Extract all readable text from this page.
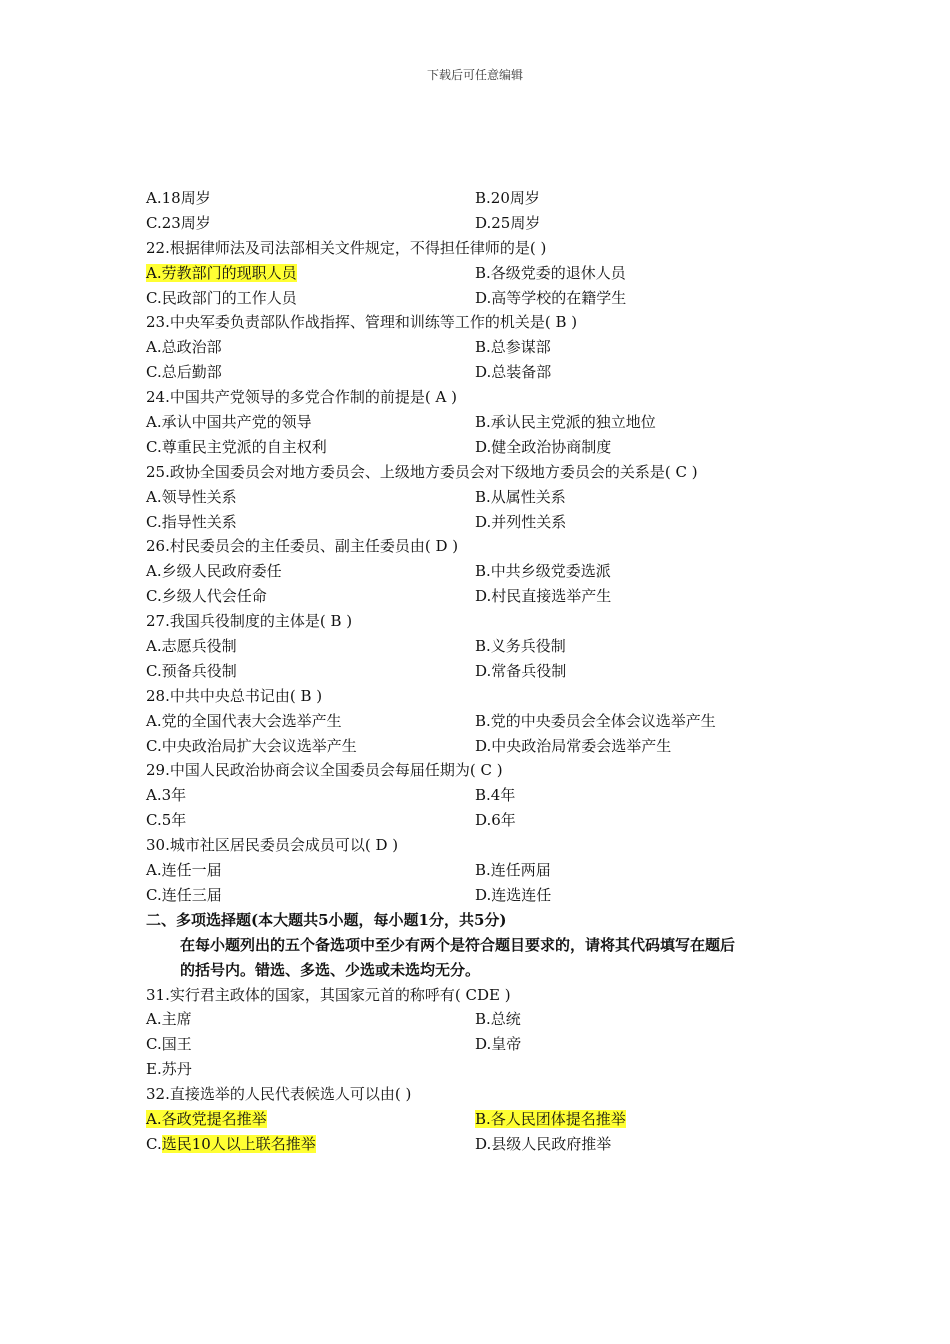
下载后可任意编辑
A.18周岁	B.20周岁
C.23周岁	D.25周岁
22.根据律师法及司法部相关文件规定，不得担任律师的是( )
A.劳教部门的现职人员	B.各级党委的退休人员
C.民政部门的工作人员	D.高等学校的在籍学生
23.中央军委负责部队作战指挥、管理和训练等工作的机关是( B )
A.总政治部	B.总参谋部
C.总后勤部	D.总装备部
24.中国共产党领导的多党合作制的前提是( A )
A.承认中国共产党的领导	B.承认民主党派的独立地位
C.尊重民主党派的自主权利	D.健全政治协商制度
25.政协全国委员会对地方委员会、上级地方委员会对下级地方委员会的关系是( C )
A.领导性关系	B.从属性关系
C.指导性关系	D.并列性关系
26.村民委员会的主任委员、副主任委员由( D )
A.乡级人民政府委任	B.中共乡级党委选派
C.乡级人代会任命	D.村民直接选举产生
27.我国兵役制度的主体是( B )
A.志愿兵役制	B.义务兵役制
C.预备兵役制	D.常备兵役制
28.中共中央总书记由( B )
A.党的全国代表大会选举产生	B.党的中央委员会全体会议选举产生
C.中央政治局扩大会议选举产生	D.中央政治局常委会选举产生
29.中国人民政治协商会议全国委员会每届任期为( C )
A.3年	B.4年
C.5年	D.6年
30.城市社区居民委员会成员可以( D )
A.连任一届	B.连任两届
C.连任三届	D.连选连任
二、多项选择题(本大题共5小题，每小题1分，共5分)
在每小题列出的五个备选项中至少有两个是符合题目要求的，请将其代码填写在题后
的括号内。错选、多选、少选或未选均无分。
31.实行君主政体的国家，其国家元首的称呼有( CDE )
A.主席	B.总统
C.国王	D.皇帝
E.苏丹
32.直接选举的人民代表候选人可以由( )
A.各政党提名推举	B.各人民团体提名推举
C.选民10人以上联名推举	D.县级人民政府推举
